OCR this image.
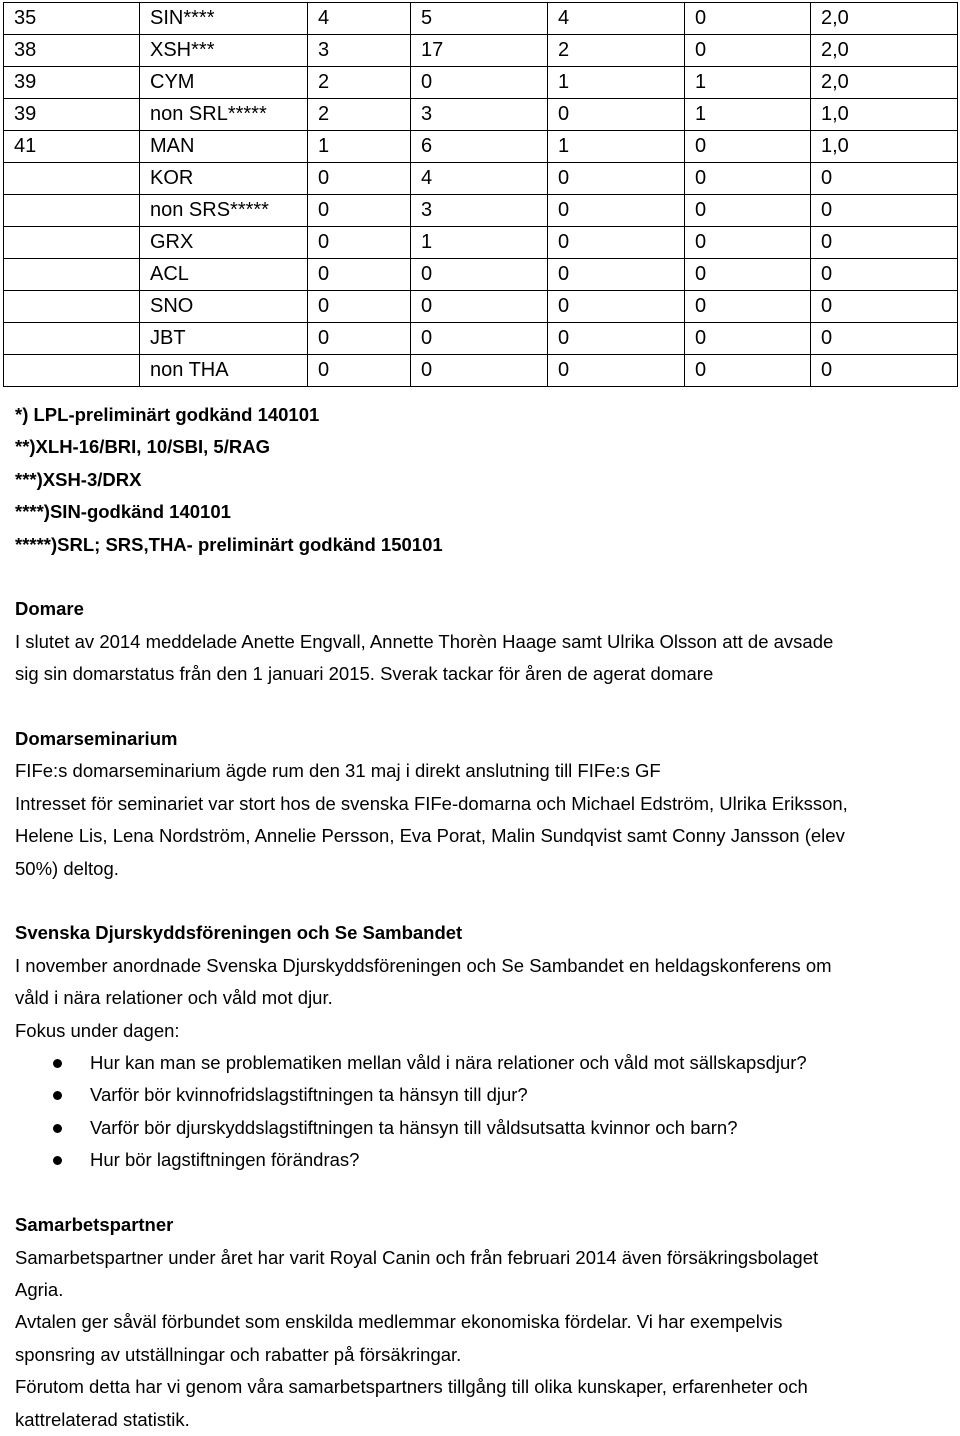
35	SIN****	4	5	4	0	2,0
38	XSH***	3	17	2	0	2,0
39	CYM	2	0	1	1	2,0
39	non SRL*****	2	3	0	1	1,0
41	MAN	1	6	1	0	1,0
	KOR	0	4	0	0	0
	non SRS*****	0	3	0	0	0
	GRX	0	1	0	0	0
	ACL	0	0	0	0	0
	SNO	0	0	0	0	0
	JBT	0	0	0	0	0
	non THA	0	0	0	0	0

*) LPL-preliminärt godkänd 140101

**)XLH-16/BRI, 10/SBI, 5/RAG

***)XSH-3/DRX

****)SIN-godkänd 140101

*****)SRL; SRS,THA- preliminärt godkänd 150101

Domare

I slutet av 2014 meddelade Anette Engvall, Annette Thorèn Haage samt Ulrika Olsson att de avsade

sig sin domarstatus från den 1 januari 2015. Sverak tackar för åren de agerat domare

Domarseminarium

FIFe:s domarseminarium ägde rum den 31 maj i direkt anslutning till FIFe:s GF

Intresset för seminariet var stort hos de svenska FIFe-domarna och Michael Edström, Ulrika Eriksson,

Helene Lis, Lena Nordström, Annelie Persson, Eva Porat, Malin Sundqvist samt Conny Jansson (elev

50%) deltog.

Svenska Djurskyddsföreningen och Se Sambandet

I november anordnade Svenska Djurskyddsföreningen och Se Sambandet en heldagskonferens om

våld i nära relationer och våld mot djur.

Fokus under dagen:

Hur kan man se problematiken mellan våld i nära relationer och våld mot sällskapsdjur?
Varför bör kvinnofridslagstiftningen ta hänsyn till djur?
Varför bör djurskyddslagstiftningen ta hänsyn till våldsutsatta kvinnor och barn?
Hur bör lagstiftningen förändras?

Samarbetspartner

Samarbetspartner under året har varit Royal Canin och från februari 2014 även försäkringsbolaget

Agria.

Avtalen ger såväl förbundet som enskilda medlemmar ekonomiska fördelar. Vi har exempelvis

sponsring av utställningar och rabatter på försäkringar.

Förutom detta har vi genom våra samarbetspartners tillgång till olika kunskaper, erfarenheter och

kattrelaterad statistik.
